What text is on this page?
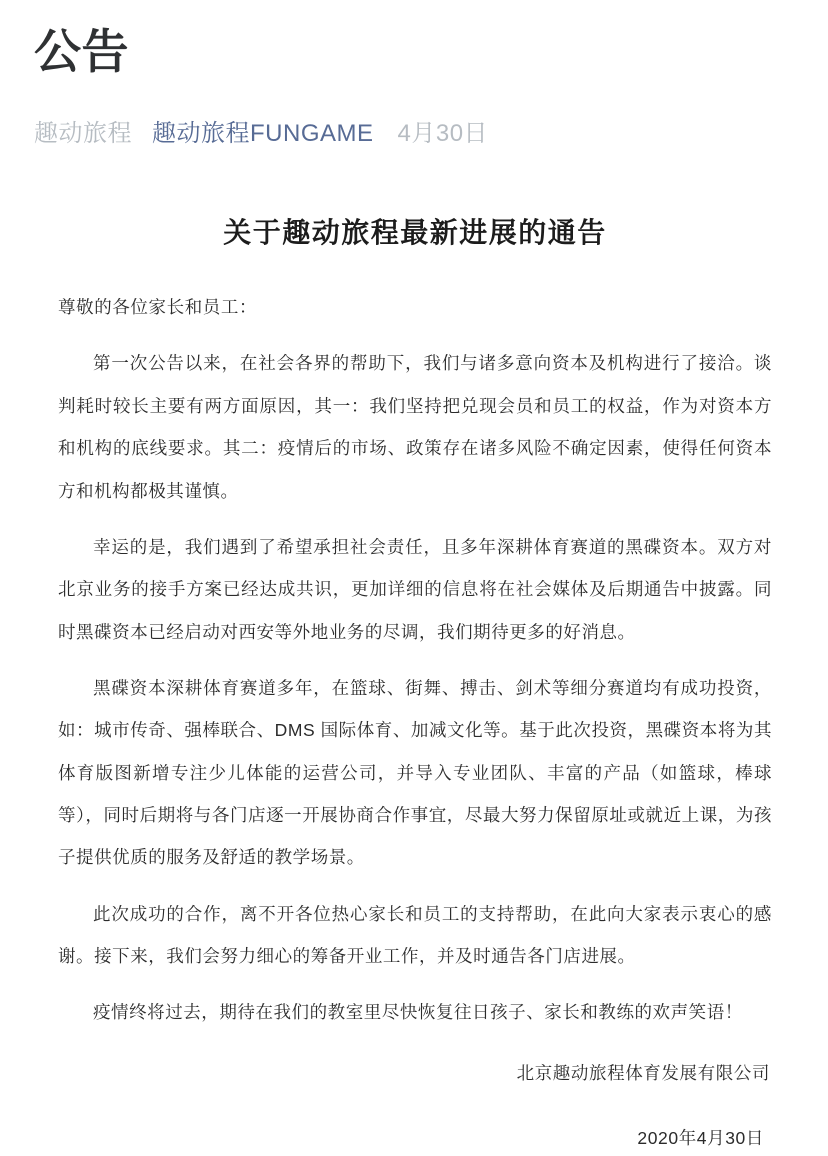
公告
趣动旅程 趣动旅程FUNGAME 4月30日
关于趣动旅程最新进展的通告

尊敬的各位家长和员工：

第一次公告以来，在社会各界的帮助下，我们与诸多意向资本及机构进行了接洽。谈判耗时较长主要有两方面原因，其一：我们坚持把兑现会员和员工的权益，作为对资本方和机构的底线要求。其二：疫情后的市场、政策存在诸多风险不确定因素，使得任何资本方和机构都极其谨慎。

幸运的是，我们遇到了希望承担社会责任，且多年深耕体育赛道的黑碟资本。双方对北京业务的接手方案已经达成共识，更加详细的信息将在社会媒体及后期通告中披露。同时黑碟资本已经启动对西安等外地业务的尽调，我们期待更多的好消息。

黑碟资本深耕体育赛道多年，在篮球、街舞、搏击、剑术等细分赛道均有成功投资，如：城市传奇、强棒联合、DMS 国际体育、加减文化等。基于此次投资，黑碟资本将为其体育版图新增专注少儿体能的运营公司，并导入专业团队、丰富的产品（如篮球，棒球等），同时后期将与各门店逐一开展协商合作事宜，尽最大努力保留原址或就近上课，为孩子提供优质的服务及舒适的教学场景。

此次成功的合作，离不开各位热心家长和员工的支持帮助，在此向大家表示衷心的感谢。接下来，我们会努力细心的筹备开业工作，并及时通告各门店进展。

疫情终将过去，期待在我们的教室里尽快恢复往日孩子、家长和教练的欢声笑语！

北京趣动旅程体育发展有限公司

2020年4月30日
